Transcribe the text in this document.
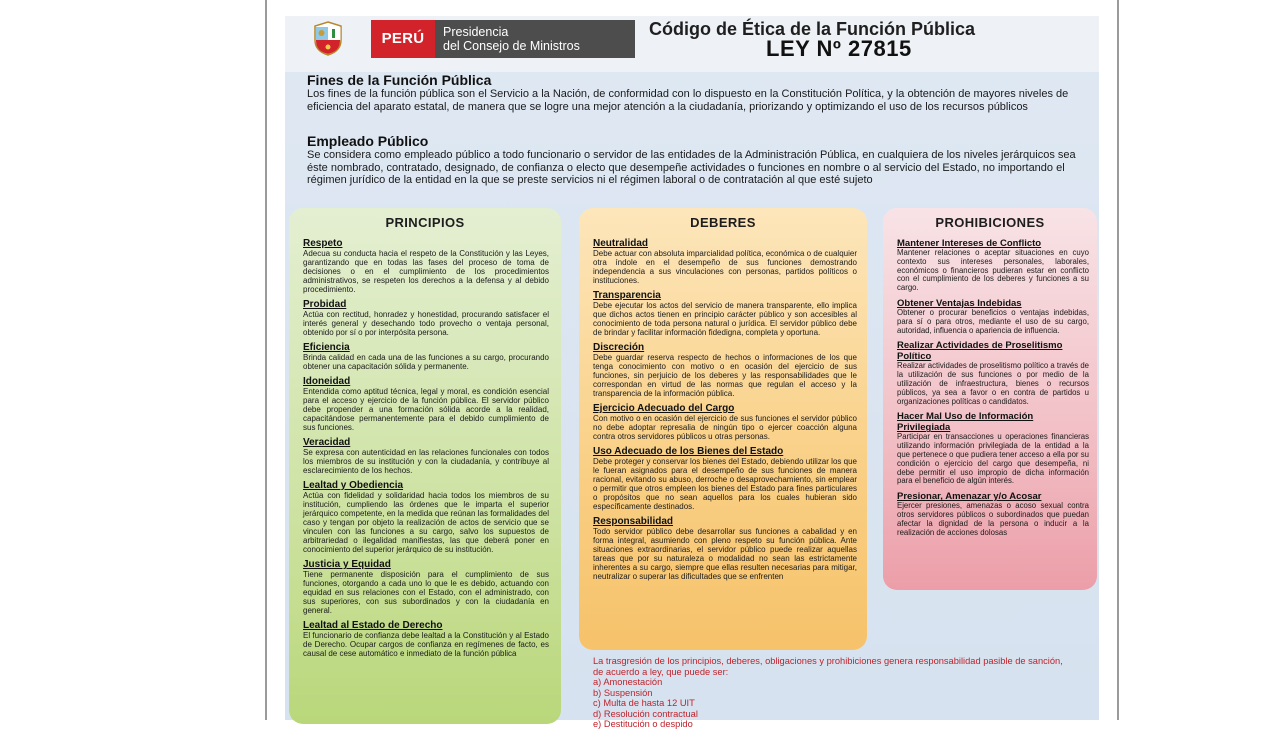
PERÚ	Presidencia
del Consejo de Ministros
Código de Ética de la Función Pública
LEY Nº 27815
Fines de la Función Pública

Los fines de la función pública son el Servicio a la Nación, de conformidad con lo dispuesto en la Constitución Política, y la obtención de mayores niveles de eficiencia del aparato estatal, de manera que se logre una mejor atención a la ciudadanía, priorizando y optimizando el uso de los recursos públicos

Empleado Público

Se considera como empleado público a todo funcionario o servidor de las entidades de la Administración Pública, en cualquiera de los niveles jerárquicos sea éste nombrado, contratado, designado, de confianza o electo que desempeñe actividades o funciones en nombre o al servicio del Estado, no importando el régimen jurídico de la entidad en la que se preste servicios ni el régimen laboral o de contratación al que esté sujeto

PRINCIPIOS
Respeto
Adecua su conducta hacia el respeto de la Constitución y las Leyes, garantizando que en todas las fases del proceso de toma de decisiones o en el cumplimiento de los procedimientos administrativos, se respeten los derechos a la defensa y al debido procedimiento.
Probidad
Actúa con rectitud, honradez y honestidad, procurando satisfacer el interés general y desechando todo provecho o ventaja personal, obtenido por sí o por interpósita persona.
Eficiencia
Brinda calidad en cada una de las funciones a su cargo, procurando obtener una capacitación sólida y permanente.
Idoneidad
Entendida como aptitud técnica, legal y moral, es condición esencial para el acceso y ejercicio de la función pública. El servidor público debe propender a una formación sólida acorde a la realidad, capacitándose permanentemente para el debido cumplimiento de sus funciones.
Veracidad
Se expresa con autenticidad en las relaciones funcionales con todos los miembros de su institución y con la ciudadanía, y contribuye al esclarecimiento de los hechos.
Lealtad y Obediencia
Actúa con fidelidad y solidaridad hacia todos los miembros de su institución, cumpliendo las órdenes que le imparta el superior jerárquico competente, en la medida que reúnan las formalidades del caso y tengan por objeto la realización de actos de servicio que se vinculen con las funciones a su cargo, salvo los supuestos de arbitrariedad o ilegalidad manifiestas, las que deberá poner en conocimiento del superior jerárquico de su institución.
Justicia y Equidad
Tiene permanente disposición para el cumplimiento de sus funciones, otorgando a cada uno lo que le es debido, actuando con equidad en sus relaciones con el Estado, con el administrado, con sus superiores, con sus subordinados y con la ciudadanía en general.
Lealtad al Estado de Derecho
El funcionario de confianza debe lealtad a la Constitución y al Estado de Derecho. Ocupar cargos de confianza en regímenes de facto, es causal de cese automático e inmediato de la función pública
DEBERES
Neutralidad
Debe actuar con absoluta imparcialidad política, económica o de cualquier otra índole en el desempeño de sus funciones demostrando independencia a sus vinculaciones con personas, partidos políticos o instituciones.
Transparencia
Debe ejecutar los actos del servicio de manera transparente, ello implica que dichos actos tienen en principio carácter público y son accesibles al conocimiento de toda persona natural o jurídica. El servidor público debe de brindar y facilitar información fidedigna, completa y oportuna.
Discreción
Debe guardar reserva respecto de hechos o informaciones de los que tenga conocimiento con motivo o en ocasión del ejercicio de sus funciones, sin perjuicio de los deberes y las responsabilidades que le correspondan en virtud de las normas que regulan el acceso y la transparencia de la información pública.
Ejercicio Adecuado del Cargo
Con motivo o en ocasión del ejercicio de sus funciones el servidor público no debe adoptar represalia de ningún tipo o ejercer coacción alguna contra otros servidores públicos u otras personas.
Uso Adecuado de los Bienes del Estado
Debe proteger y conservar los bienes del Estado, debiendo utilizar los que le fueran asignados para el desempeño de sus funciones de manera racional, evitando su abuso, derroche o desaprovechamiento, sin emplear o permitir que otros empleen los bienes del Estado para fines particulares o propósitos que no sean aquellos para los cuales hubieran sido específicamente destinados.
Responsabilidad
Todo servidor público debe desarrollar sus funciones a cabalidad y en forma integral, asumiendo con pleno respeto su función pública. Ante situaciones extraordinarias, el servidor público puede realizar aquellas tareas que por su naturaleza o modalidad no sean las estrictamente inherentes a su cargo, siempre que ellas resulten necesarias para mitigar, neutralizar o superar las dificultades que se enfrenten
PROHIBICIONES
Mantener Intereses de Conflicto
Mantener relaciones o aceptar situaciones en cuyo contexto sus intereses personales, laborales, económicos o financieros pudieran estar en conflicto con el cumplimiento de los deberes y funciones a su cargo.
Obtener Ventajas Indebidas
Obtener o procurar beneficios o ventajas indebidas, para sí o para otros, mediante el uso de su cargo, autoridad, influencia o apariencia de influencia.
Realizar Actividades de Proselitismo Político
Realizar actividades de proselitismo político a través de la utilización de sus funciones o por medio de la utilización de infraestructura, bienes o recursos públicos, ya sea a favor o en contra de partidos u organizaciones políticas o candidatos.
Hacer Mal Uso de Información Privilegiada
Participar en transacciones u operaciones financieras utilizando información privilegiada de la entidad a la que pertenece o que pudiera tener acceso a ella por su condición o ejercicio del cargo que desempeña, ni debe permitir el uso impropio de dicha información para el beneficio de algún interés.
Presionar, Amenazar y/o Acosar
Ejercer presiones, amenazas o acoso sexual contra otros servidores públicos o subordinados que puedan afectar la dignidad de la persona o inducir a la realización de acciones dolosas

La trasgresión de los principios, deberes, obligaciones y prohibiciones genera responsabilidad pasible de sanción, de acuerdo a ley, que puede ser:

a) Amonestación
b) Suspensión
c) Multa de hasta 12 UIT
d) Resolución contractual
e) Destitución o despido
